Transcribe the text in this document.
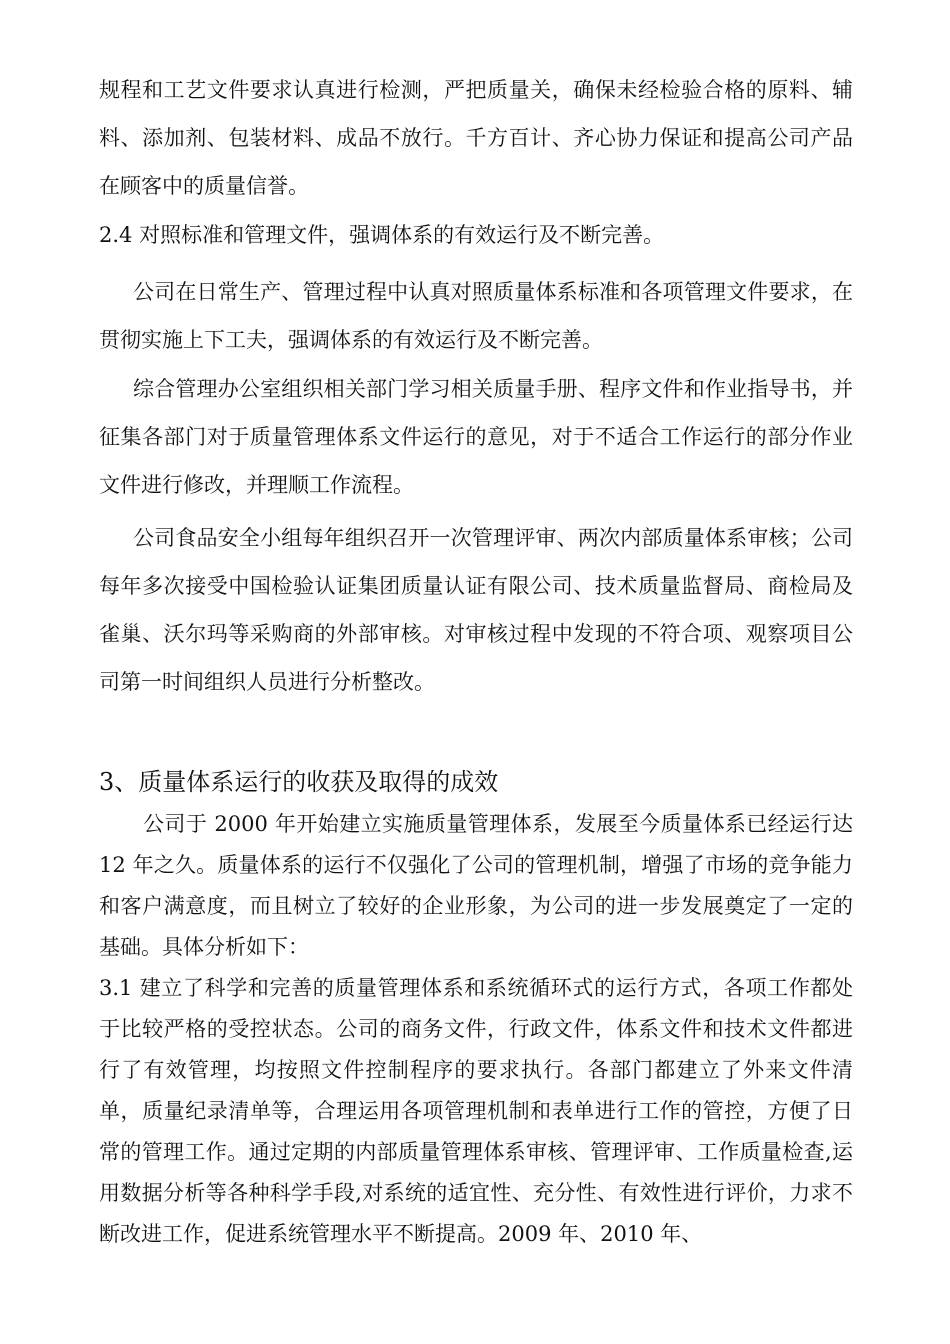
规程和工艺文件要求认真进行检测，严把质量关，确保未经检验合格的原料、辅料、添加剂、包装材料、成品不放行。千方百计、齐心协力保证和提高公司产品在顾客中的质量信誉。

2.4 对照标准和管理文件，强调体系的有效运行及不断完善。

公司在日常生产、管理过程中认真对照质量体系标准和各项管理文件要求，在贯彻实施上下工夫，强调体系的有效运行及不断完善。

综合管理办公室组织相关部门学习相关质量手册、程序文件和作业指导书，并征集各部门对于质量管理体系文件运行的意见，对于不适合工作运行的部分作业文件进行修改，并理顺工作流程。

公司食品安全小组每年组织召开一次管理评审、两次内部质量体系审核；公司每年多次接受中国检验认证集团质量认证有限公司、技术质量监督局、商检局及雀巢、沃尔玛等采购商的外部审核。对审核过程中发现的不符合项、观察项目公司第一时间组织人员进行分析整改。

3、质量体系运行的收获及取得的成效

公司于 2000 年开始建立实施质量管理体系，发展至今质量体系已经运行达 12 年之久。质量体系的运行不仅强化了公司的管理机制，增强了市场的竞争能力和客户满意度，而且树立了较好的企业形象，为公司的进一步发展奠定了一定的基础。具体分析如下：

3.1 建立了科学和完善的质量管理体系和系统循环式的运行方式，各项工作都处于比较严格的受控状态。公司的商务文件，行政文件，体系文件和技术文件都进行了有效管理，均按照文件控制程序的要求执行。各部门都建立了外来文件清单，质量纪录清单等，合理运用各项管理机制和表单进行工作的管控，方便了日常的管理工作。通过定期的内部质量管理体系审核、管理评审、工作质量检查,运用数据分析等各种科学手段,对系统的适宜性、充分性、有效性进行评价，力求不断改进工作，促进系统管理水平不断提高。2009 年、2010 年、
